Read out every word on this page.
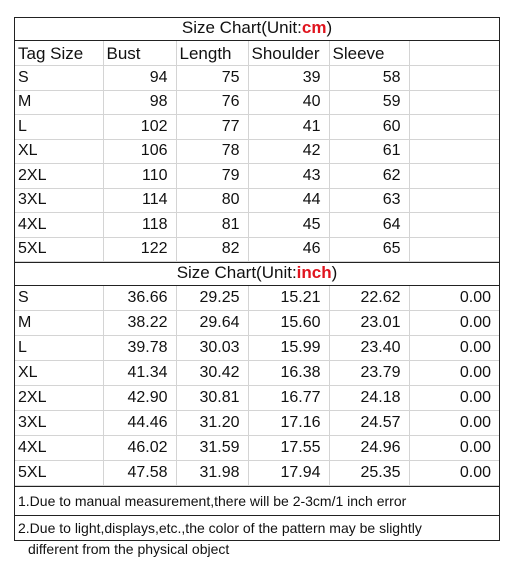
Size Chart(Unit:cm)
Tag Size	Bust	Length	Shoulder	Sleeve	
S	94	75	39	58	
M	98	76	40	59	
L	102	77	41	60	
XL	106	78	42	61	
2XL	110	79	43	62	
3XL	114	80	44	63	
4XL	118	81	45	64	
5XL	122	82	46	65	
Size Chart(Unit:inch)
S	36.66	29.25	15.21	22.62	0.00
M	38.22	29.64	15.60	23.01	0.00
L	39.78	30.03	15.99	23.40	0.00
XL	41.34	30.42	16.38	23.79	0.00
2XL	42.90	30.81	16.77	24.18	0.00
3XL	44.46	31.20	17.16	24.57	0.00
4XL	46.02	31.59	17.55	24.96	0.00
5XL	47.58	31.98	17.94	25.35	0.00
1.Due to manual measurement,there will be 2-3cm/1 inch error
2.Due to light,displays,etc.,the color of the pattern may be slightly
different from the physical object
